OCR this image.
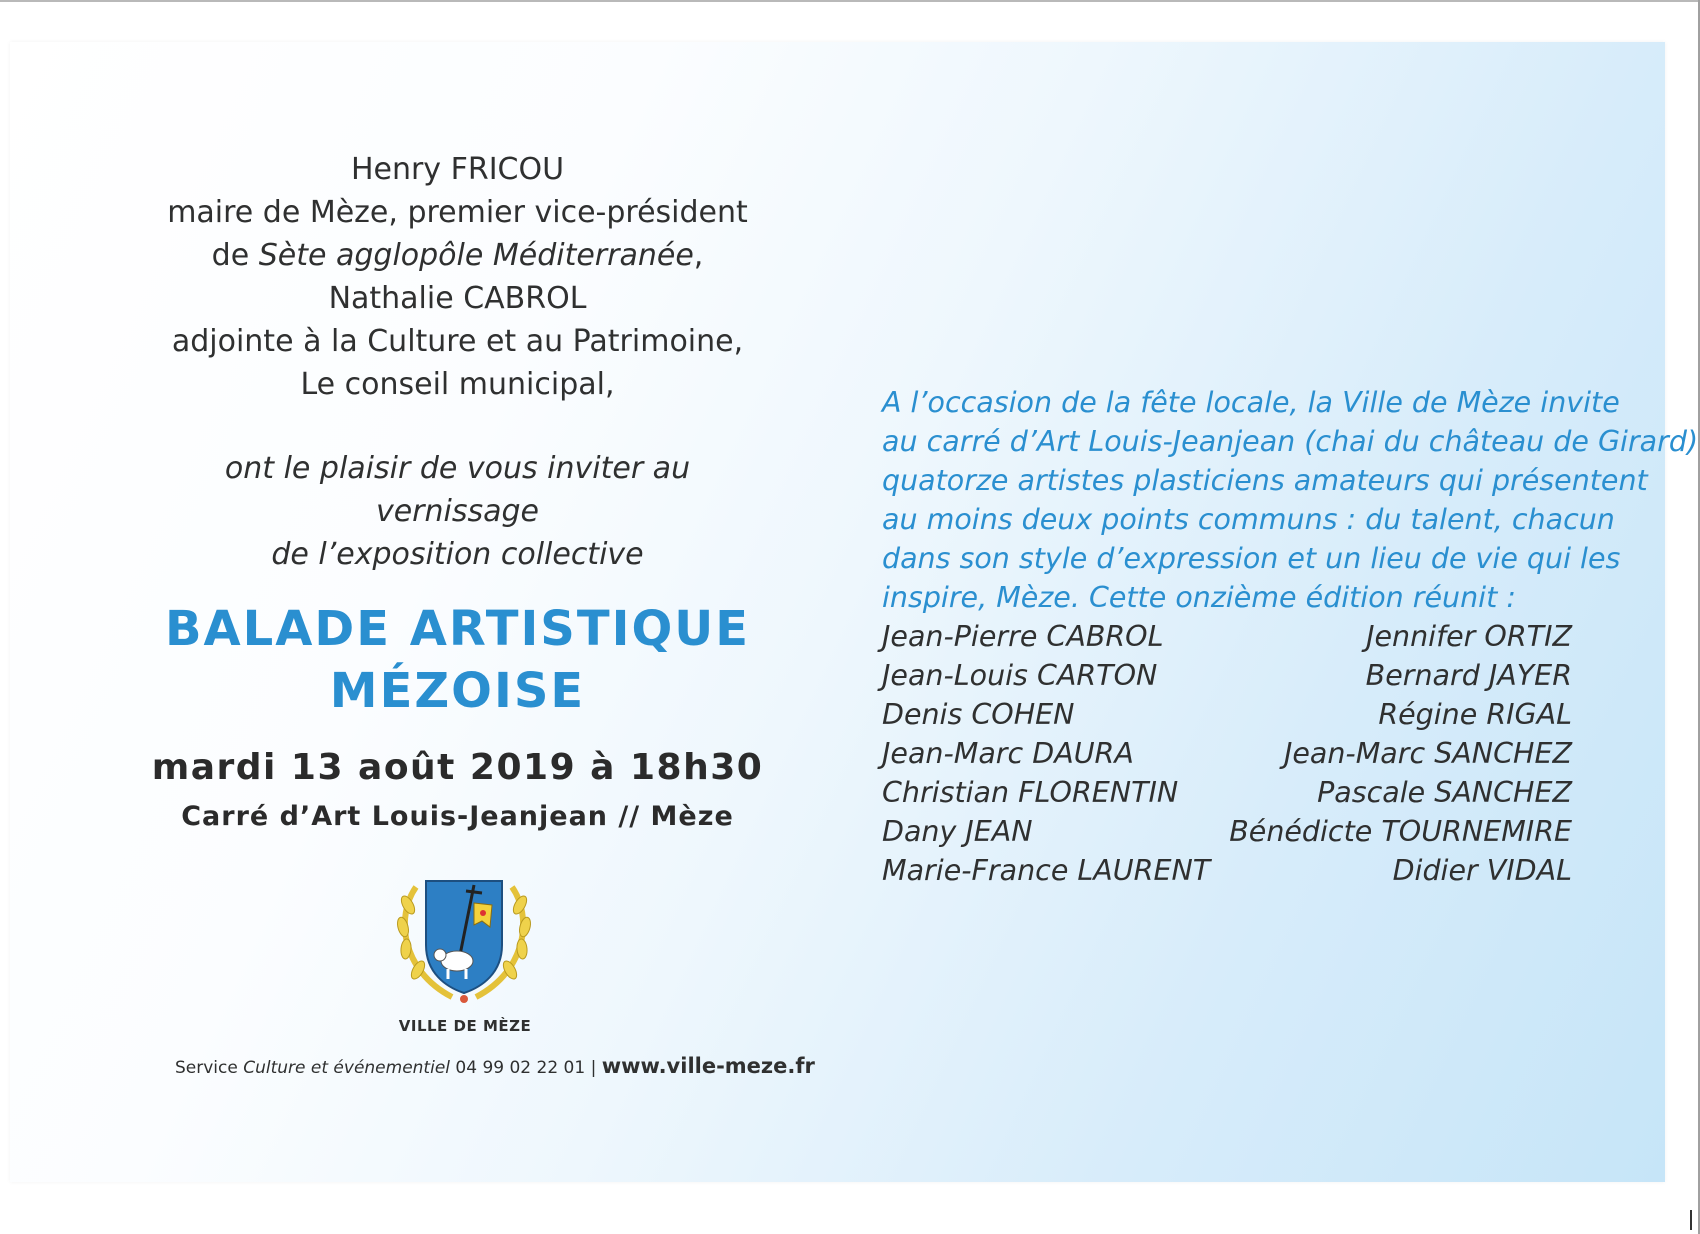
Henry FRICOU
maire de Mèze, premier vice-président
de Sète agglopôle Méditerranée,
Nathalie CABROL
adjointe à la Culture et au Patrimoine,
Le conseil municipal,
ont le plaisir de vous inviter au vernissage
de l’exposition collective
BALADE ARTISTIQUE
MÉZOISE
mardi 13 août 2019 à 18h30
Carré d’Art Louis-Jeanjean // Mèze
VILLE DE MÈZE
Service Culture et événementiel 04 99 02 22 01 | www.ville-meze.fr
A l’occasion de la fête locale, la Ville de Mèze invite
au carré d’Art Louis-Jeanjean (chai du château de Girard)
quatorze artistes plasticiens amateurs qui présentent
au moins deux points communs : du talent, chacun
dans son style d’expression et un lieu de vie qui les
inspire, Mèze. Cette onzième édition réunit :
Jean-Pierre CABROL
Jean-Louis CARTON
Denis COHEN
Jean-Marc DAURA
Christian FLORENTIN
Dany JEAN
Marie-France LAURENT
Jennifer ORTIZ
Bernard JAYER
Régine RIGAL
Jean-Marc SANCHEZ
Pascale SANCHEZ
Bénédicte TOURNEMIRE
Didier VIDAL
